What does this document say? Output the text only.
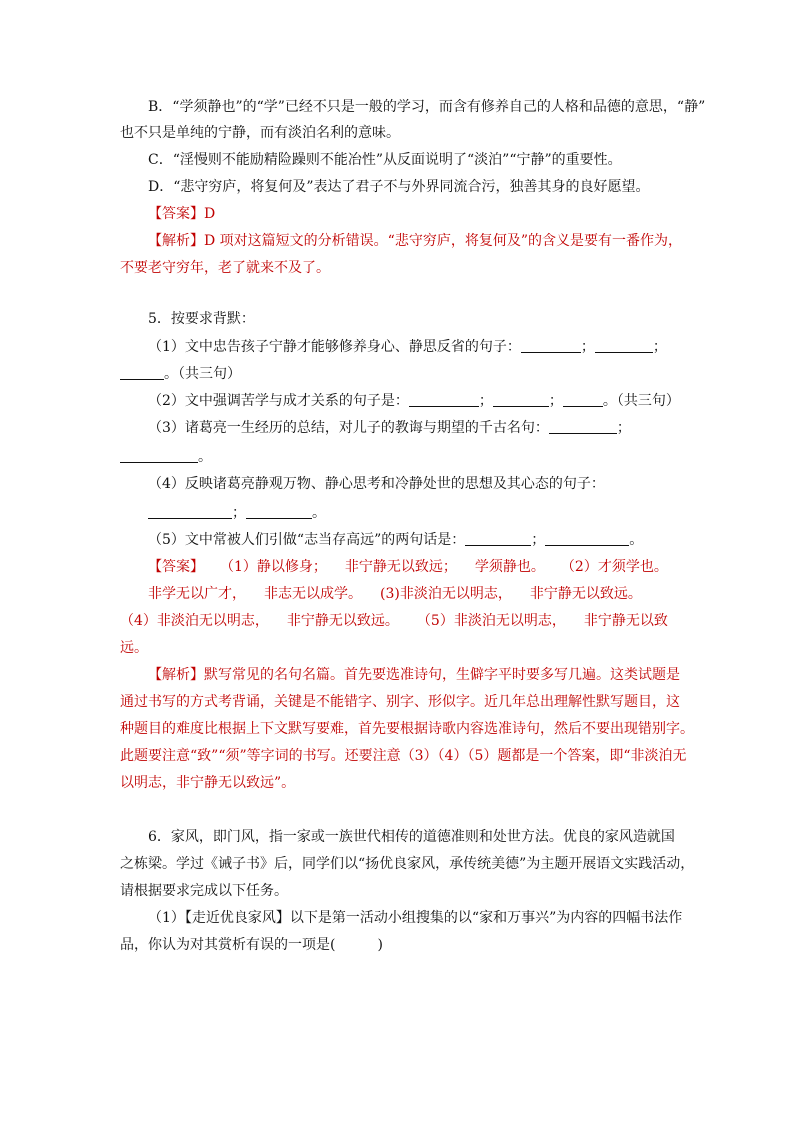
B．“学须静也”的“学”已经不只是一般的学习，而含有修养自己的人格和品德的意思，“静”
也不只是单纯的宁静，而有淡泊名利的意味。
C．“淫慢则不能励精险躁则不能冶性”从反面说明了“淡泊”“宁静”的重要性。
D．“悲守穷庐，将复何及”表达了君子不与外界同流合污，独善其身的良好愿望。
【答案】D
【解析】D 项对这篇短文的分析错误。“悲守穷庐，将复何及”的含义是要有一番作为，
不要老守穷年，老了就来不及了。
5．按要求背默：
（1）文中忠告孩子宁静才能够修养身心、静思反省的句子：	；	；
。（共三句）
（2）文中强调苦学与成才关系的句子是：	；	；	。（共三句）
（3）诸葛亮一生经历的总结，对儿子的教诲与期望的千古名句：	；
。
（4）反映诸葛亮静观万物、静心思考和冷静处世的思想及其心态的句子：
；	。
（5）文中常被人们引做“志当存高远”的两句话是：	；	。
【答案】 （1）静以修身； 非宁静无以致远； 学须静也。 （2）才须学也。
非学无以广才， 非志无以成学。 (3)非淡泊无以明志， 非宁静无以致远。
（4）非淡泊无以明志， 非宁静无以致远。 （5）非淡泊无以明志， 非宁静无以致
远。
【解析】默写常见的名句名篇。首先要选准诗句，生僻字平时要多写几遍。这类试题是
通过书写的方式考背诵，关键是不能错字、别字、形似字。近几年总出理解性默写题目，这
种题目的难度比根据上下文默写要难，首先要根据诗歌内容选准诗句，然后不要出现错别字。
此题要注意“致”“须”等字词的书写。还要注意（3）（4）（5）题都是一个答案，即“非淡泊无
以明志，非宁静无以致远”。
6．家风，即门风，指一家或一族世代相传的道德准则和处世方法。优良的家风造就国
之栋梁。学过《诫子书》后，同学们以“扬优良家风，承传统美德”为主题开展语文实践活动，
请根据要求完成以下任务。
（1）【走近优良家风】以下是第一活动小组搜集的以“家和万事兴”为内容的四幅书法作
品，你认为对其赏析有误的一项是(　　　)
